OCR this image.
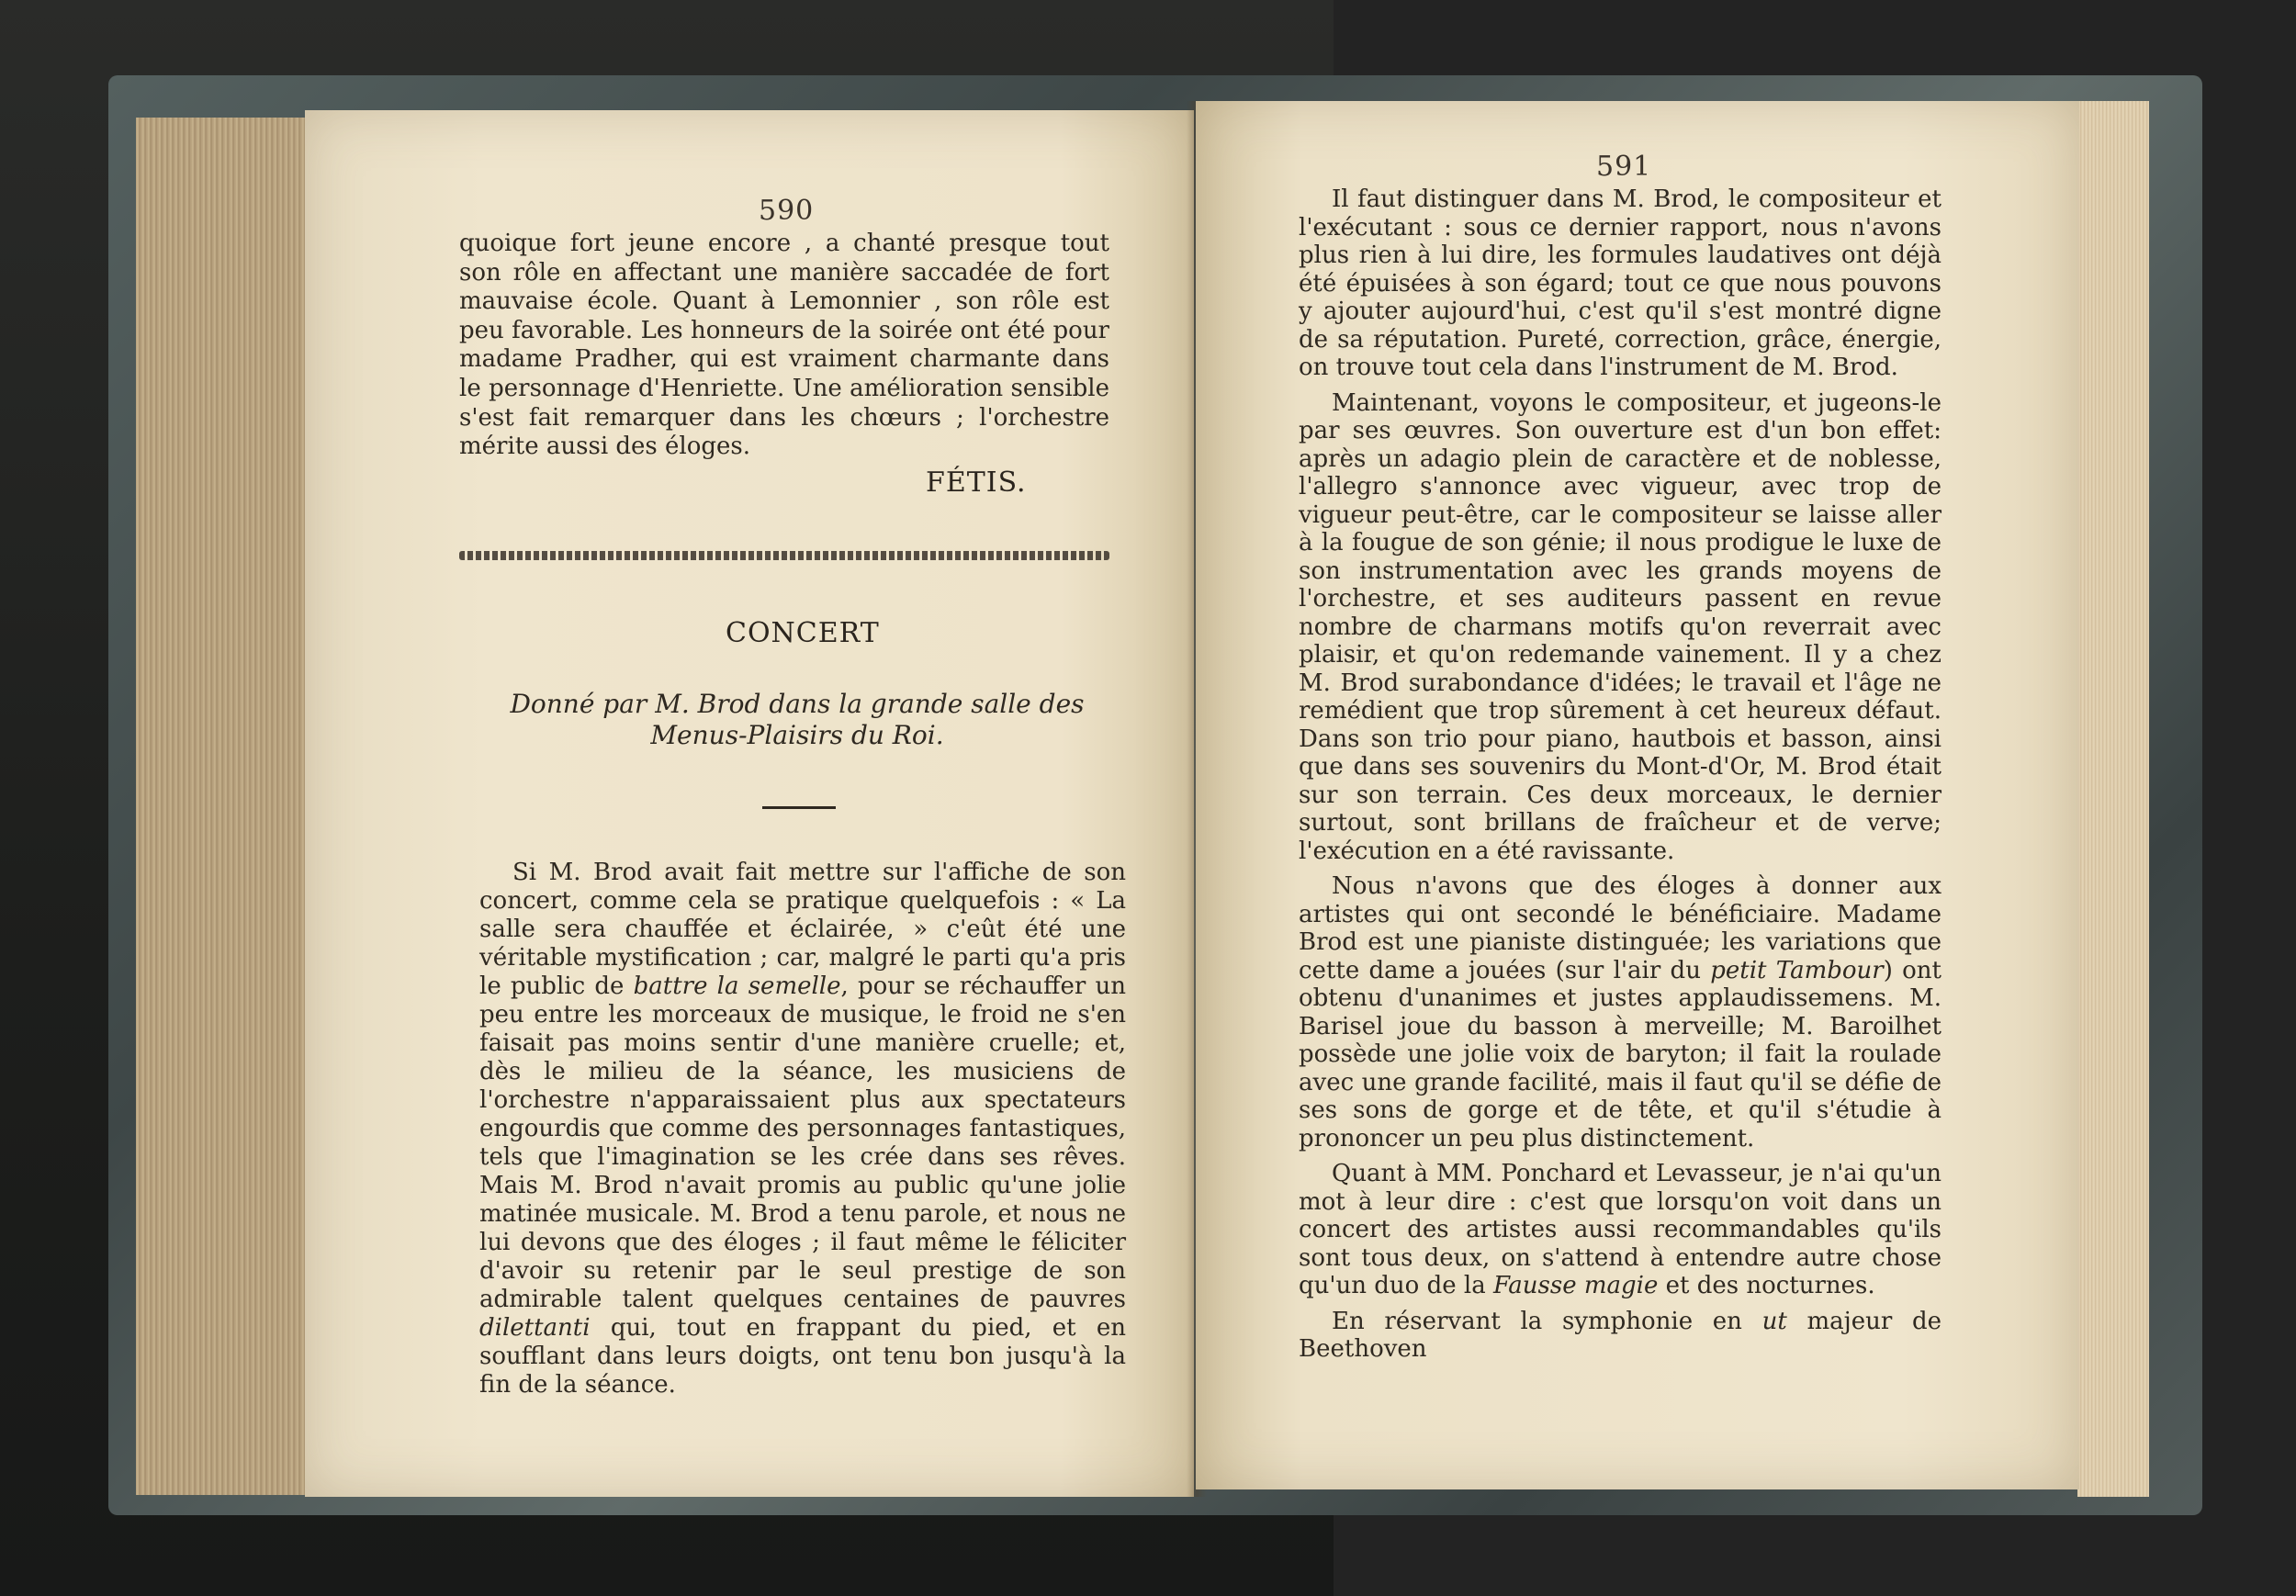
590

quoique fort jeune encore , a chanté presque tout son rôle en affectant une manière saccadée de fort mauvaise école. Quant à Lemonnier , son rôle est peu favorable. Les honneurs de la soirée ont été pour madame Pradher, qui est vraiment charmante dans le personnage d'Henriette. Une amélioration sensible s'est fait remarquer dans les chœurs ; l'orchestre mérite aussi des éloges.

FÉTIS.
CONCERT
Donné par M. Brod dans la grande salle des Menus-Plaisirs du Roi.

Si M. Brod avait fait mettre sur l'affiche de son concert, comme cela se pratique quelquefois : « La salle sera chauffée et éclairée, » c'eût été une véritable mystification ; car, malgré le parti qu'a pris le public de battre la semelle, pour se réchauffer un peu entre les morceaux de musique, le froid ne s'en faisait pas moins sentir d'une manière cruelle; et, dès le milieu de la séance, les musiciens de l'orchestre n'apparaissaient plus aux spectateurs engourdis que comme des personnages fantastiques, tels que l'imagination se les crée dans ses rêves. Mais M. Brod n'avait promis au public qu'une jolie matinée musicale. M. Brod a tenu parole, et nous ne lui devons que des éloges ; il faut même le féliciter d'avoir su retenir par le seul prestige de son admirable talent quelques centaines de pauvres dilettanti qui, tout en frappant du pied, et en soufflant dans leurs doigts, ont tenu bon jusqu'à la fin de la séance.

591

Il faut distinguer dans M. Brod, le compositeur et l'exécutant : sous ce dernier rapport, nous n'avons plus rien à lui dire, les formules laudatives ont déjà été épuisées à son égard; tout ce que nous pouvons y ajouter aujourd'hui, c'est qu'il s'est montré digne de sa réputation. Pureté, correction, grâce, énergie, on trouve tout cela dans l'instrument de M. Brod.

Maintenant, voyons le compositeur, et jugeons-le par ses œuvres. Son ouverture est d'un bon effet: après un adagio plein de caractère et de noblesse, l'allegro s'annonce avec vigueur, avec trop de vigueur peut-être, car le compositeur se laisse aller à la fougue de son génie; il nous prodigue le luxe de son instrumentation avec les grands moyens de l'orchestre, et ses auditeurs passent en revue nombre de charmans motifs qu'on reverrait avec plaisir, et qu'on redemande vainement. Il y a chez M. Brod surabondance d'idées; le travail et l'âge ne remédient que trop sûrement à cet heureux défaut. Dans son trio pour piano, hautbois et basson, ainsi que dans ses souvenirs du Mont-d'Or, M. Brod était sur son terrain. Ces deux morceaux, le dernier surtout, sont brillans de fraîcheur et de verve; l'exécution en a été ravissante.

Nous n'avons que des éloges à donner aux artistes qui ont secondé le bénéficiaire. Madame Brod est une pianiste distinguée; les variations que cette dame a jouées (sur l'air du petit Tambour) ont obtenu d'unanimes et justes applaudissemens. M. Barisel joue du basson à merveille; M. Baroilhet possède une jolie voix de baryton; il fait la roulade avec une grande facilité, mais il faut qu'il se défie de ses sons de gorge et de tête, et qu'il s'étudie à prononcer un peu plus distinctement.

Quant à MM. Ponchard et Levasseur, je n'ai qu'un mot à leur dire : c'est que lorsqu'on voit dans un concert des artistes aussi recommandables qu'ils sont tous deux, on s'attend à entendre autre chose qu'un duo de la Fausse magie et des nocturnes.

En réservant la symphonie en ut majeur de Beethoven
